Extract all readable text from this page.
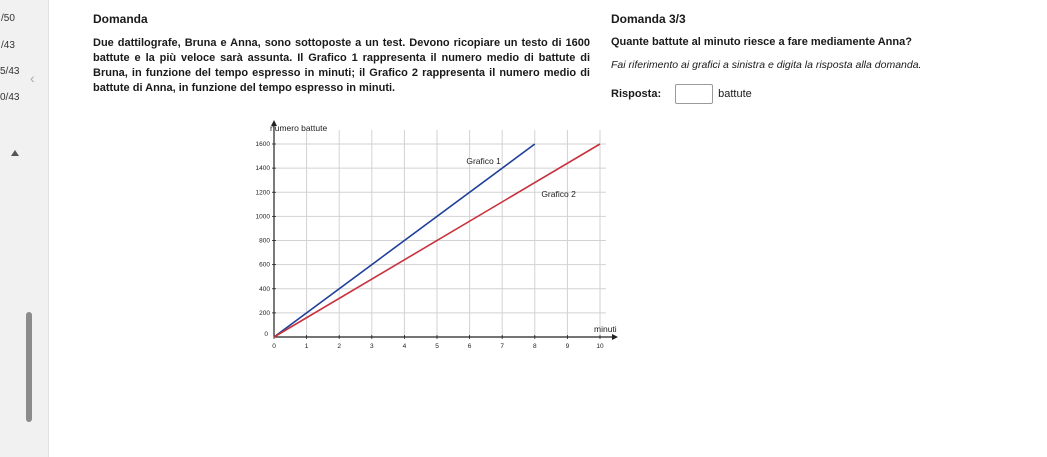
/50
/43
5/43
0/43
‹
Domanda
Due dattilografe, Bruna e Anna, sono sottoposte a un test. Devono ricopiare un testo di 1600 battute e la più veloce sarà assunta. Il Grafico 1 rappresenta il numero medio di battute di Bruna, in funzione del tempo espresso in minuti; il Grafico 2 rappresenta il numero medio di battute di Anna, in funzione del tempo espresso in minuti.
0	1	2	3	4	5	6	7	8	9	10
0
200
400
600
800
1000
1200
1400
1600
Grafico 1
Grafico 2
numero battute
minuti
Domanda 3/3
Quante battute al minuto riesce a fare mediamente Anna?
Fai riferimento ai grafici a sinistra e digita la risposta alla domanda.
Risposta:	battute
